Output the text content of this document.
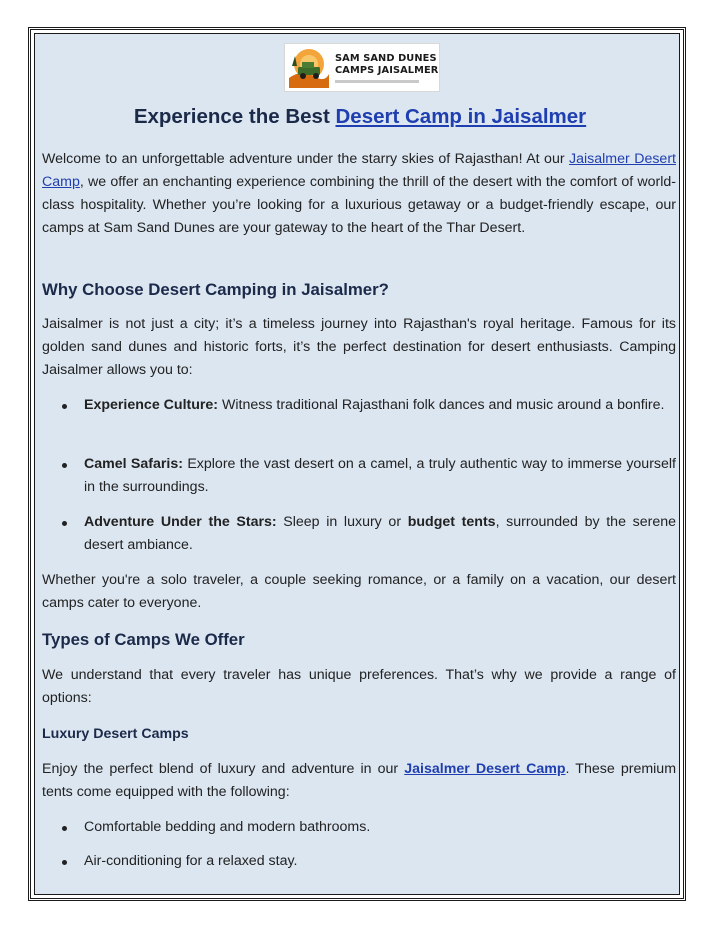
SAM SAND DUNES
CAMPS JAISALMER
Experience the Best Desert Camp in Jaisalmer

Welcome to an unforgettable adventure under the starry skies of Rajasthan! At our Jaisalmer Desert Camp, we offer an enchanting experience combining the thrill of the desert with the comfort of world-class hospitality. Whether you’re looking for a luxurious getaway or a budget-friendly escape, our camps at Sam Sand Dunes are your gateway to the heart of the Thar Desert.

Why Choose Desert Camping in Jaisalmer?

Jaisalmer is not just a city; it’s a timeless journey into Rajasthan's royal heritage. Famous for its golden sand dunes and historic forts, it’s the perfect destination for desert enthusiasts. Camping Jaisalmer allows you to:

Experience Culture: Witness traditional Rajasthani folk dances and music around a bonfire.
Camel Safaris: Explore the vast desert on a camel, a truly authentic way to immerse yourself in the surroundings.
Adventure Under the Stars: Sleep in luxury or budget tents, surrounded by the serene desert ambiance.

Whether you're a solo traveler, a couple seeking romance, or a family on a vacation, our desert camps cater to everyone.

Types of Camps We Offer

We understand that every traveler has unique preferences. That’s why we provide a range of options:

Luxury Desert Camps

Enjoy the perfect blend of luxury and adventure in our Jaisalmer Desert Camp. These premium tents come equipped with the following:

Comfortable bedding and modern bathrooms.
Air-conditioning for a relaxed stay.
